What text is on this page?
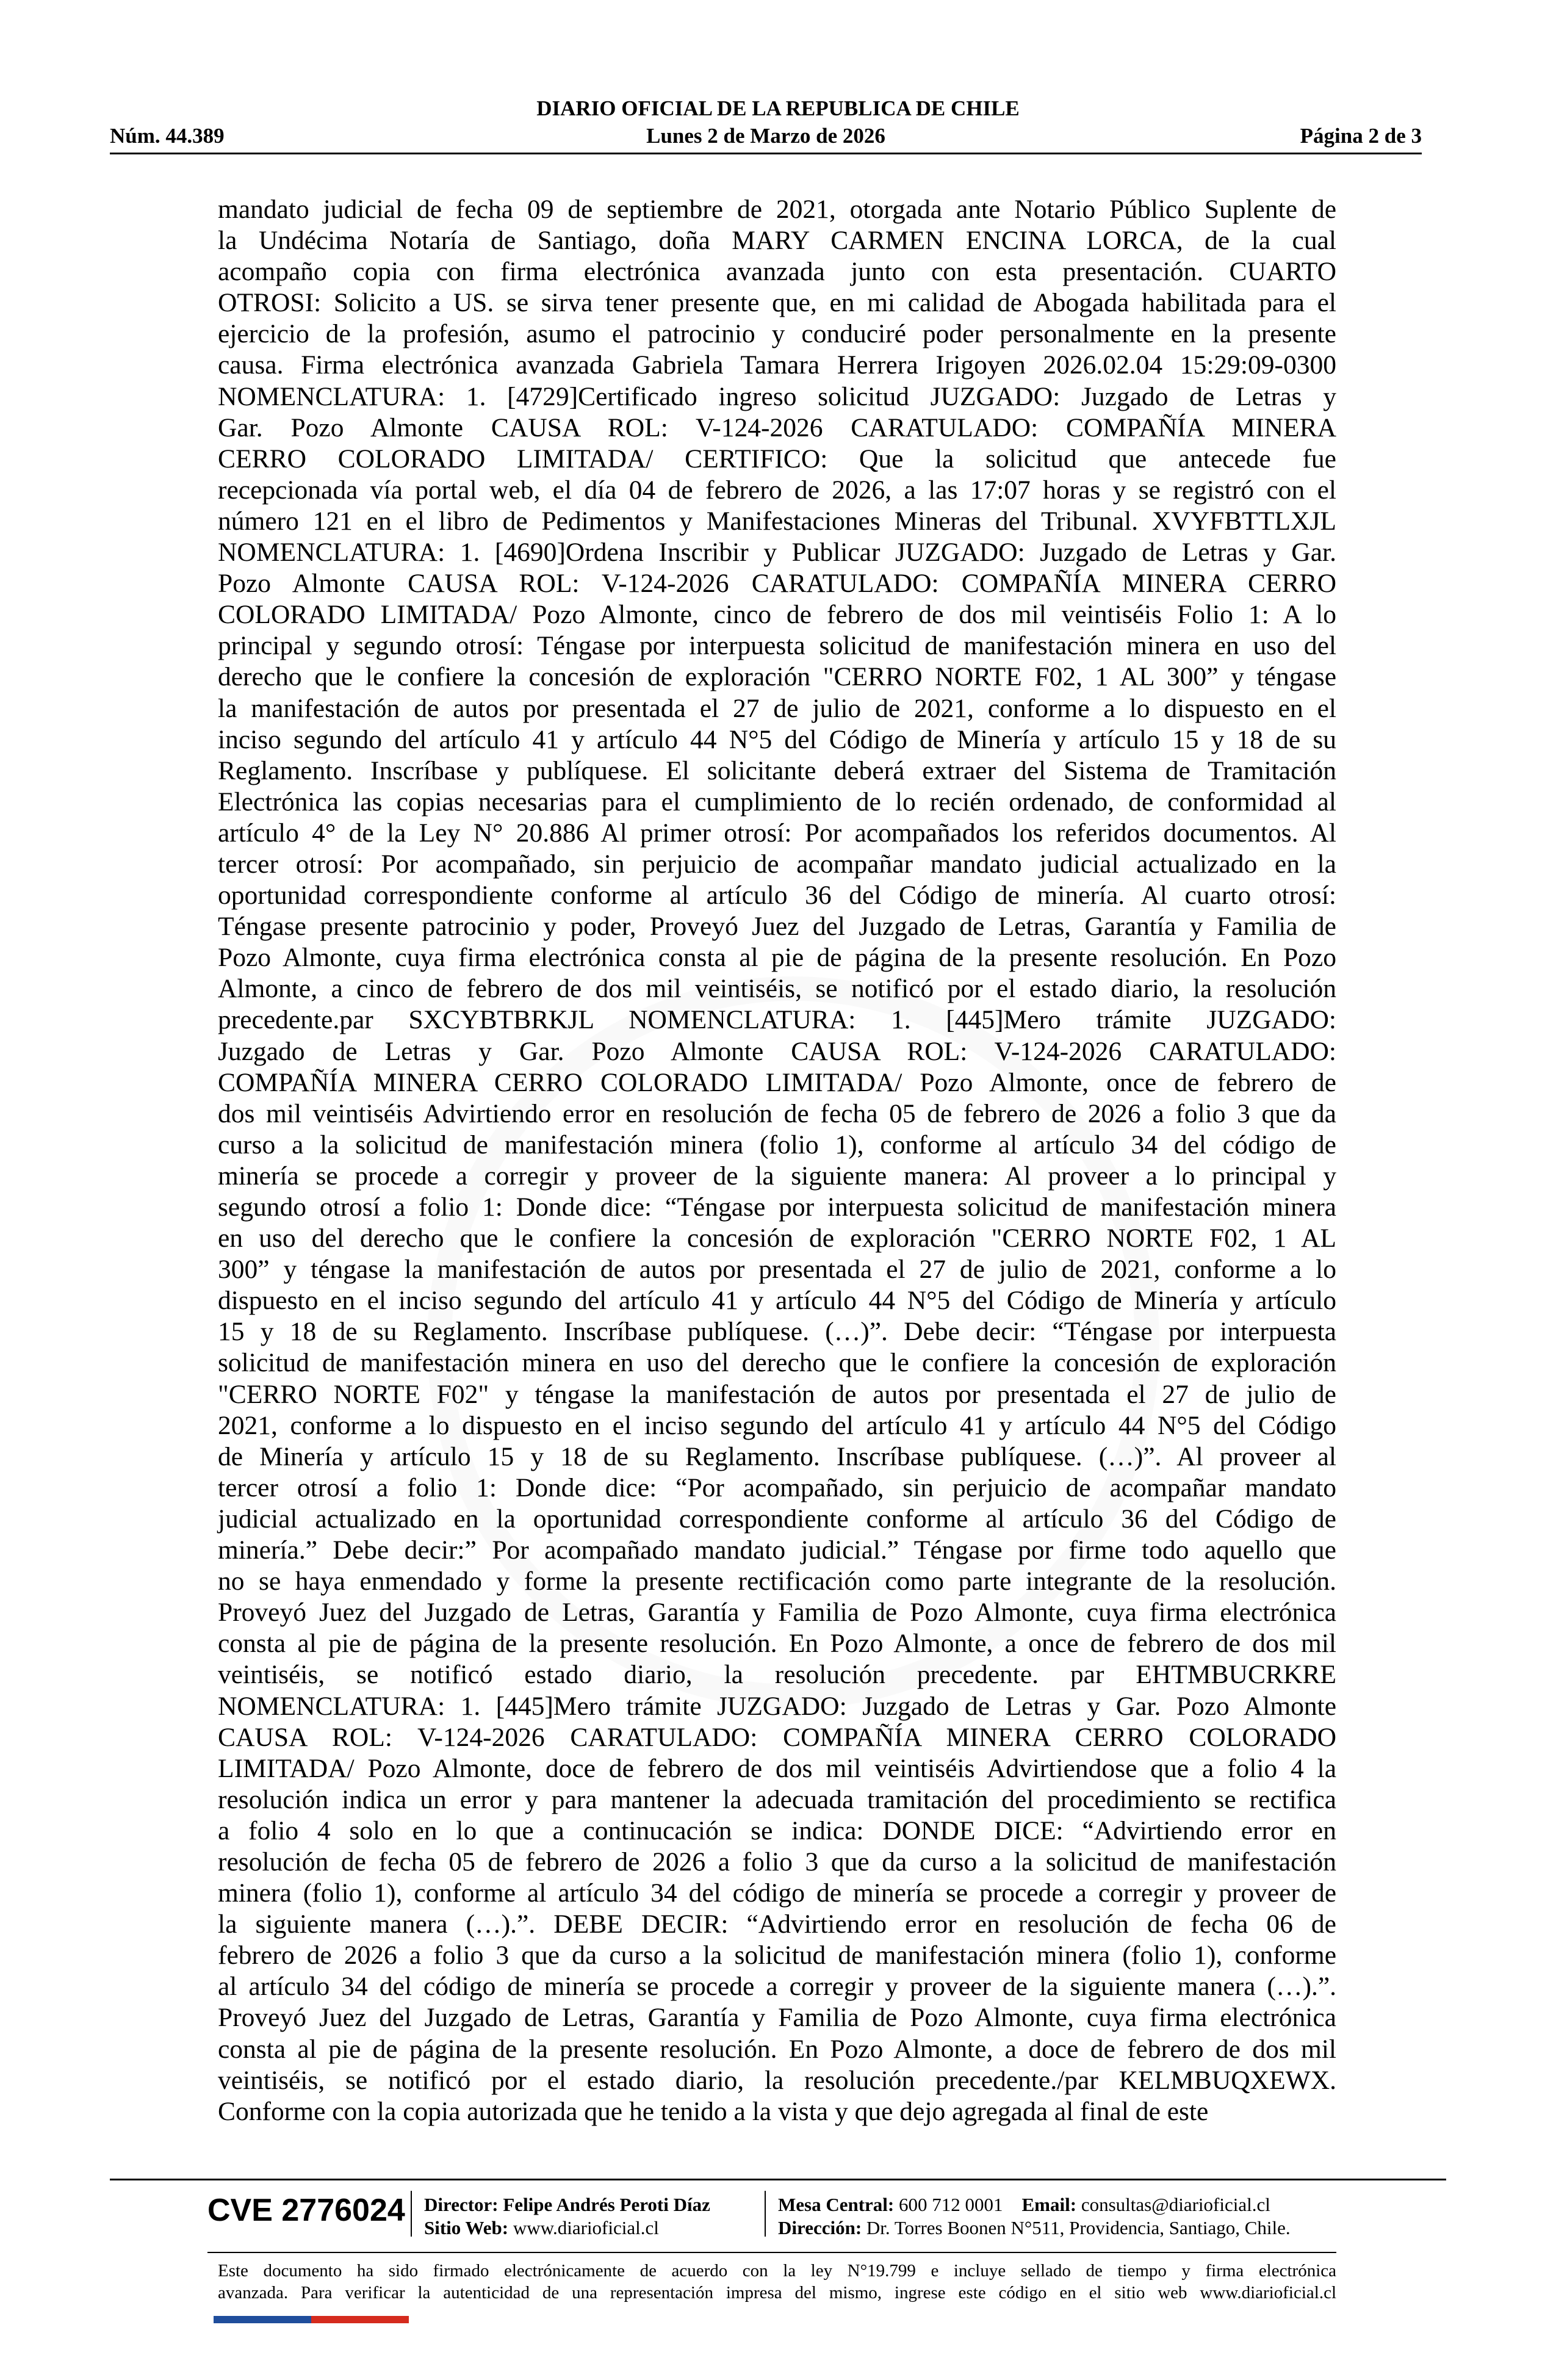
DIARIO OFICIAL DE LA REPUBLICA DE CHILE
Núm. 44.389	Lunes 2 de Marzo de 2026	Página 2 de 3
mandato judicial de fecha 09 de septiembre de 2021, otorgada ante Notario Público Suplente de
la Undécima Notaría de Santiago, doña MARY CARMEN ENCINA LORCA, de la cual
acompaño copia con firma electrónica avanzada junto con esta presentación. CUARTO
OTROSI: Solicito a US. se sirva tener presente que, en mi calidad de Abogada habilitada para el
ejercicio de la profesión, asumo el patrocinio y conduciré poder personalmente en la presente
causa. Firma electrónica avanzada Gabriela Tamara Herrera Irigoyen 2026.02.04 15:29:09-0300
NOMENCLATURA: 1. [4729]Certificado ingreso solicitud JUZGADO: Juzgado de Letras y
Gar. Pozo Almonte CAUSA ROL: V-124-2026 CARATULADO: COMPAÑÍA MINERA
CERRO COLORADO LIMITADA/ CERTIFICO: Que la solicitud que antecede fue
recepcionada vía portal web, el día 04 de febrero de 2026, a las 17:07 horas y se registró con el
número 121 en el libro de Pedimentos y Manifestaciones Mineras del Tribunal. XVYFBTTLXJL
NOMENCLATURA: 1. [4690]Ordena Inscribir y Publicar JUZGADO: Juzgado de Letras y Gar.
Pozo Almonte CAUSA ROL: V-124-2026 CARATULADO: COMPAÑÍA MINERA CERRO
COLORADO LIMITADA/ Pozo Almonte, cinco de febrero de dos mil veintiséis Folio 1: A lo
principal y segundo otrosí: Téngase por interpuesta solicitud de manifestación minera en uso del
derecho que le confiere la concesión de exploración "CERRO NORTE F02, 1 AL 300” y téngase
la manifestación de autos por presentada el 27 de julio de 2021, conforme a lo dispuesto en el
inciso segundo del artículo 41 y artículo 44 N°5 del Código de Minería y artículo 15 y 18 de su
Reglamento. Inscríbase y publíquese. El solicitante deberá extraer del Sistema de Tramitación
Electrónica las copias necesarias para el cumplimiento de lo recién ordenado, de conformidad al
artículo 4° de la Ley N° 20.886 Al primer otrosí: Por acompañados los referidos documentos. Al
tercer otrosí: Por acompañado, sin perjuicio de acompañar mandato judicial actualizado en la
oportunidad correspondiente conforme al artículo 36 del Código de minería. Al cuarto otrosí:
Téngase presente patrocinio y poder, Proveyó Juez del Juzgado de Letras, Garantía y Familia de
Pozo Almonte, cuya firma electrónica consta al pie de página de la presente resolución. En Pozo
Almonte, a cinco de febrero de dos mil veintiséis, se notificó por el estado diario, la resolución
precedente.par SXCYBTBRKJL NOMENCLATURA: 1. [445]Mero trámite JUZGADO:
Juzgado de Letras y Gar. Pozo Almonte CAUSA ROL: V-124-2026 CARATULADO:
COMPAÑÍA MINERA CERRO COLORADO LIMITADA/ Pozo Almonte, once de febrero de
dos mil veintiséis Advirtiendo error en resolución de fecha 05 de febrero de 2026 a folio 3 que da
curso a la solicitud de manifestación minera (folio 1), conforme al artículo 34 del código de
minería se procede a corregir y proveer de la siguiente manera: Al proveer a lo principal y
segundo otrosí a folio 1: Donde dice: “Téngase por interpuesta solicitud de manifestación minera
en uso del derecho que le confiere la concesión de exploración "CERRO NORTE F02, 1 AL
300” y téngase la manifestación de autos por presentada el 27 de julio de 2021, conforme a lo
dispuesto en el inciso segundo del artículo 41 y artículo 44 N°5 del Código de Minería y artículo
15 y 18 de su Reglamento. Inscríbase publíquese. (…)”. Debe decir: “Téngase por interpuesta
solicitud de manifestación minera en uso del derecho que le confiere la concesión de exploración
"CERRO NORTE F02" y téngase la manifestación de autos por presentada el 27 de julio de
2021, conforme a lo dispuesto en el inciso segundo del artículo 41 y artículo 44 N°5 del Código
de Minería y artículo 15 y 18 de su Reglamento. Inscríbase publíquese. (…)”. Al proveer al
tercer otrosí a folio 1: Donde dice: “Por acompañado, sin perjuicio de acompañar mandato
judicial actualizado en la oportunidad correspondiente conforme al artículo 36 del Código de
minería.” Debe decir:” Por acompañado mandato judicial.” Téngase por firme todo aquello que
no se haya enmendado y forme la presente rectificación como parte integrante de la resolución.
Proveyó Juez del Juzgado de Letras, Garantía y Familia de Pozo Almonte, cuya firma electrónica
consta al pie de página de la presente resolución. En Pozo Almonte, a once de febrero de dos mil
veintiséis, se notificó estado diario, la resolución precedente. par EHTMBUCRKRE
NOMENCLATURA: 1. [445]Mero trámite JUZGADO: Juzgado de Letras y Gar. Pozo Almonte
CAUSA ROL: V-124-2026 CARATULADO: COMPAÑÍA MINERA CERRO COLORADO
LIMITADA/ Pozo Almonte, doce de febrero de dos mil veintiséis Advirtiendose que a folio 4 la
resolución indica un error y para mantener la adecuada tramitación del procedimiento se rectifica
a folio 4 solo en lo que a continucación se indica: DONDE DICE: “Advirtiendo error en
resolución de fecha 05 de febrero de 2026 a folio 3 que da curso a la solicitud de manifestación
minera (folio 1), conforme al artículo 34 del código de minería se procede a corregir y proveer de
la siguiente manera (…).”. DEBE DECIR: “Advirtiendo error en resolución de fecha 06 de
febrero de 2026 a folio 3 que da curso a la solicitud de manifestación minera (folio 1), conforme
al artículo 34 del código de minería se procede a corregir y proveer de la siguiente manera (…).”.
Proveyó Juez del Juzgado de Letras, Garantía y Familia de Pozo Almonte, cuya firma electrónica
consta al pie de página de la presente resolución. En Pozo Almonte, a doce de febrero de dos mil
veintiséis, se notificó por el estado diario, la resolución precedente./par KELMBUQXEWX.
Conforme con la copia autorizada que he tenido a la vista y que dejo agregada al final de este
CVE 2776024 Director: Felipe Andrés Peroti Díaz
Sitio Web: www.diarioficial.cl
Mesa Central: 600 712 0001 Email: consultas@diarioficial.cl
Dirección: Dr. Torres Boonen N°511, Providencia, Santiago, Chile.
Este documento ha sido firmado electrónicamente de acuerdo con la ley N°19.799 e incluye sellado de tiempo y firma electrónica
avanzada. Para verificar la autenticidad de una representación impresa del mismo, ingrese este código en el sitio web www.diarioficial.cl
